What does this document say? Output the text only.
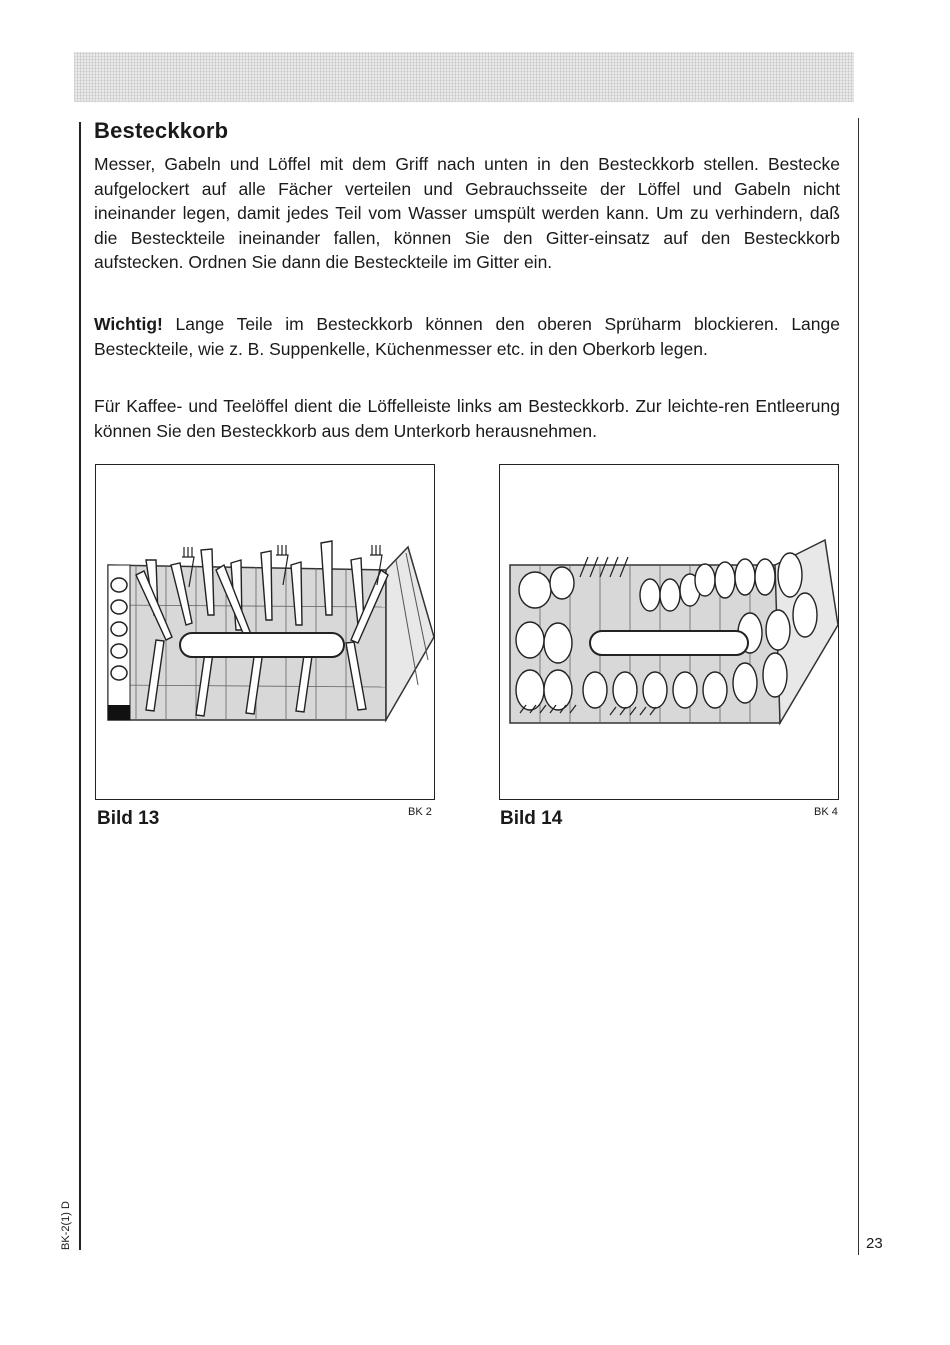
Besteckkorb

Messer, Gabeln und Löffel mit dem Griff nach unten in den Besteckkorb stellen. Bestecke aufgelockert auf alle Fächer verteilen und Gebrauchsseite der Löffel und Gabeln nicht ineinander legen, damit jedes Teil vom Wasser umspült werden kann. Um zu verhindern, daß die Besteckteile ineinander fallen, können Sie den Gitter-einsatz auf den Besteckkorb aufstecken. Ordnen Sie dann die Besteckteile im Gitter ein.

Wichtig! Lange Teile im Besteckkorb können den oberen Sprüharm blockieren. Lange Besteckteile, wie z. B. Suppenkelle, Küchenmesser etc. in den Oberkorb legen.

Für Kaffee- und Teelöffel dient die Löffelleiste links am Besteckkorb. Zur leichte-ren Entleerung können Sie den Besteckkorb aus dem Unterkorb herausnehmen.

Bild 13	BK 2	Bild 14	BK 4
BK-2(1) D	23
